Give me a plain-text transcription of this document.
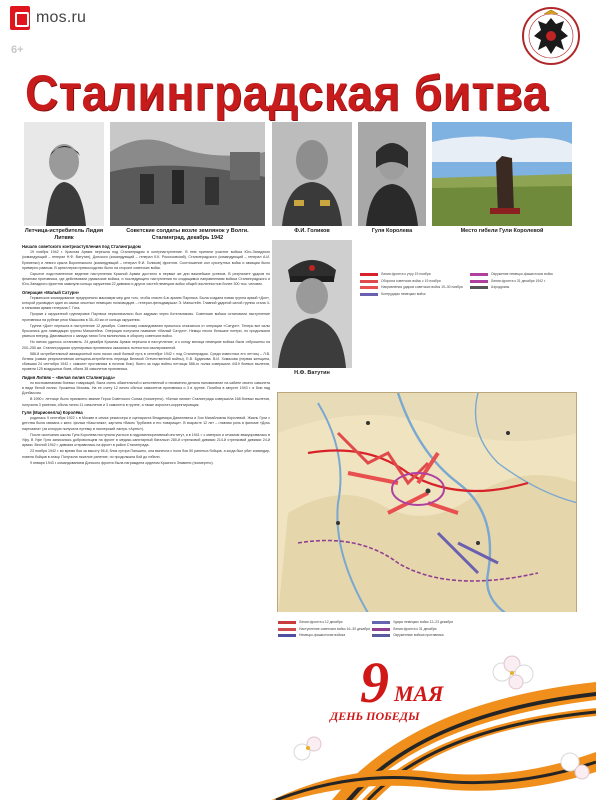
mos.ru
6+
Сталинградская битва
Летчица-истребитель Лидия Литвяк
Советские солдаты возле землянок у Волги. Сталинград, декабрь 1942
Ф.И. Голиков	Гуля Королева	Место гибели Гули Королевой
Н.Ф. Ватутин
Начало советского контрнаступления под Сталинградом

19 ноября 1942 г. Красная Армия перешла под Сталинградом в контрнаступление. В нем приняли участие войска Юго-Западного (командующий – генерал Н.Ф. Ватутин), Донского (командующий – генерал К.К. Рокоссовский), Сталинградского (командующий – генерал А.И. Еременко) и левого крыла Воронежского (командующий – генерал Ф.И. Голиков) фронтов. Соотношение сил сухопутных войск и авиации было примерно равным. В артиллерии превосходство было на стороне советских войск.

Скрытое подготовленное ведение наступления Красной Армии достигло в первые же дни важнейших успехов. В результате ударов по флангам противника, где действовали румынские войска, и последующего наступления по сходящимся направлениям войска Сталинградского и Юго-Западного фронтов замкнули кольцо окружения 22 дивизии и других частей немецких войск общей численностью более 300 тыс. человек.

Операция «Малый Сатурн»

Германское командование предприняло максимум мер для того, чтобы спасти 6-ю армию Паулюса. Была создана новая группа армий «Дон», которой руководил один из самых опытных немецких полководцев – генерал-фельдмаршал Э. Манштейн. Главной ударной силой группы стала 4-я танковая армия генерала Г. Гота.

Прорыв к окруженной группировке Паулюса первоначально был задуман через Котельниково. Советские войска остановили наступление противника на рубеже реки Мышкова в 35–40 км от кольца окружения.

Группа «Дон» перешла в наступление 12 декабря. Советскому командованию пришлось отказаться от операции «Сатурн». Теперь все силы бросались для ликвидации группы Манштейна. Операция получила название «Малый Сатурн». Немцы несли большие потери, но продолжали рваться вперед. Двигавшиеся с запада танки Гота вклинились в оборону советских войск.

Но натиск удалось остановить. 24 декабря Красная Армия перешла в наступление, и к концу месяца немецкие войска были отброшены на 200–250 км. Сталинградская группировка противника оказалась полностью изолированной.

586-й истребительный авиационный полк начал свой боевой путь в сентябре 1942 г. под Сталинградом. Среди известных его летчиц – Л.В. Литвяк (самая результативная женщина-истребитель периода Великой Отечественной войны), Е.В. Буданова. В.И. Хомякова (первая женщина, сбившая 24 сентября 1942 г. самолет противника в ночном бою). Всего за годы войны летчицы 586-го полка совершили 4419 боевых вылетов, провели 125 воздушных боев, сбили 38 самолетов противника.

Лидия Литвяк – «Белая лилия Сталинграда»

по воспоминаниям боевых товарищей, была очень обаятельной и женственной и неизменно делала напоминание на кабине своего самолета в виде белой лилии. Уроженка Москвы. На ее счету 12 лично сбитых самолетов противника и 3 в группе. Погибла в августе 1943 г. в бою над Донбассом.

В 1990 г. летчице было присвоено звание Героя Советского Союза (посмертно). «Белая лилия» Сталинграда совершила 168 боевых вылетов, получила 3 ранения, сбила лично 11 самолетов и 3 самолета в группе, а также аэростат-корректировщик.

Гуля (Мариonелла) Королёва

родилась 9 сентября 1922 г. в Москве в семье режиссера и сценариста Владимира Данилевича и Зои Михайловны Королевой. Жизнь Гули с детства была связана с кино: фильм «Каштанка», картина «Васек Трубачев и его товарищи». В возрасте 12 лет – главная роль в фильме «Дочь партизана» (за которую получила путевку в пионерский лагерь «Артек»).

После окончания школы Гуля Королева поступила учиться в гидромелиоративный институт, а в 1941 г. с матерью и отчимом эвакуировалась в Уфу. В Уфе Гуля записалась добровольцем на фронт в медико-санитарный батальон 280-й стрелковой дивизии 214-й стрелковой дивизии 24-й армии. Весной 1942 г. дивизия отправилась на фронт в район Сталинграда.

23 ноября 1942 г. во время боя за высоту 56,8, близ хутора Паншино, она вынесла с поля боя 50 раненых бойцов, а когда был убит командир, повела бойцов в атаку. Получила тяжелое ранение, но продолжала бой до гибели.

9 января 1943 г. командованием Донского фронта была награждена орденом Красного Знамени (посмертно).

Линия фронта к утру 19 ноября
Оборона советских войск с 19 ноября
Направления ударов советских войск 19–30 ноября
Контрудары немецких войск
Окружение немецко-фашистских войск
Линия фронта к 31 декабря 1942 г.
Аэродромы
Линия фронта к 12 декабря
Наступление советских войск 16–30 декабря
Немецко-фашистские войска
Удары немецких войск 12–23 декабря
Линия фронта к 31 декабря
Окруженные войска противника
9 МАЯ
ДЕНЬ ПОБЕДЫ
